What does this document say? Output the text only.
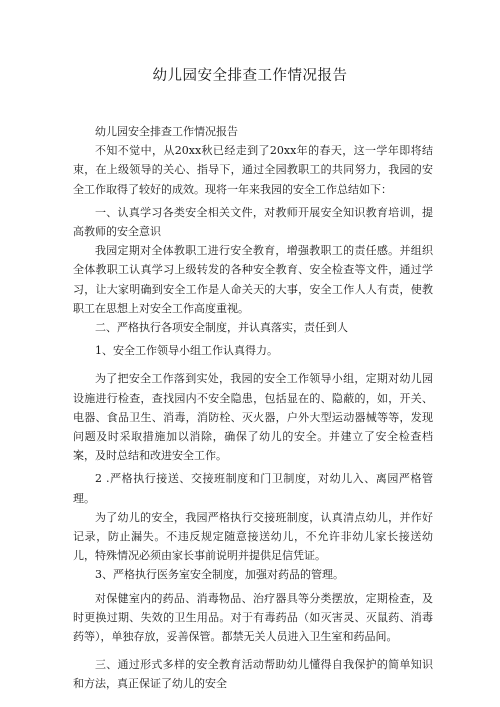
幼儿园安全排查工作情况报告

幼儿园安全排查工作情况报告

不知不觉中，从20xx秋已经走到了20xx年的春天，这一学年即将结束，在上级领导的关心、指导下，通过全园教职工的共同努力，我园的安全工作取得了较好的成效。现将一年来我园的安全工作总结如下：

一、认真学习各类安全相关文件，对教师开展安全知识教育培训，提高教师的安全意识

我园定期对全体教职工进行安全教育，增强教职工的责任感。并组织全体教职工认真学习上级转发的各种安全教育、安全检查等文件，通过学习，让大家明确到安全工作是人命关天的大事，安全工作人人有责，使教职工在思想上对安全工作高度重视。

二、严格执行各项安全制度，并认真落实，责任到人

1、安全工作领导小组工作认真得力。

为了把安全工作落到实处，我园的安全工作领导小组，定期对幼儿园设施进行检查，查找园内不安全隐患，包括显在的、隐蔽的，如，开关、电器、食品卫生、消毒，消防栓、灭火器，户外大型运动器械等等，发现问题及时采取措施加以消除，确保了幼儿的安全。并建立了安全检查档案，及时总结和改进安全工作。

2 .严格执行接送、交接班制度和门卫制度，对幼儿入、离园严格管理。

为了幼儿的安全，我园严格执行交接班制度，认真清点幼儿，并作好记录，防止漏失。不违反规定随意接送幼儿，不允许非幼儿家长接送幼儿，特殊情况必须由家长事前说明并提供足信凭证。

3、严格执行医务室安全制度，加强对药品的管理。

对保健室内的药品、消毒物品、治疗器具等分类摆放，定期检查，及时更换过期、失效的卫生用品。对于有毒药品（如灭害灵、灭鼠药、消毒药等），单独存放，妥善保管。都禁无关人员进入卫生室和药品间。

三、通过形式多样的安全教育活动帮助幼儿懂得自我保护的简单知识和方法，真正保证了幼儿的安全
